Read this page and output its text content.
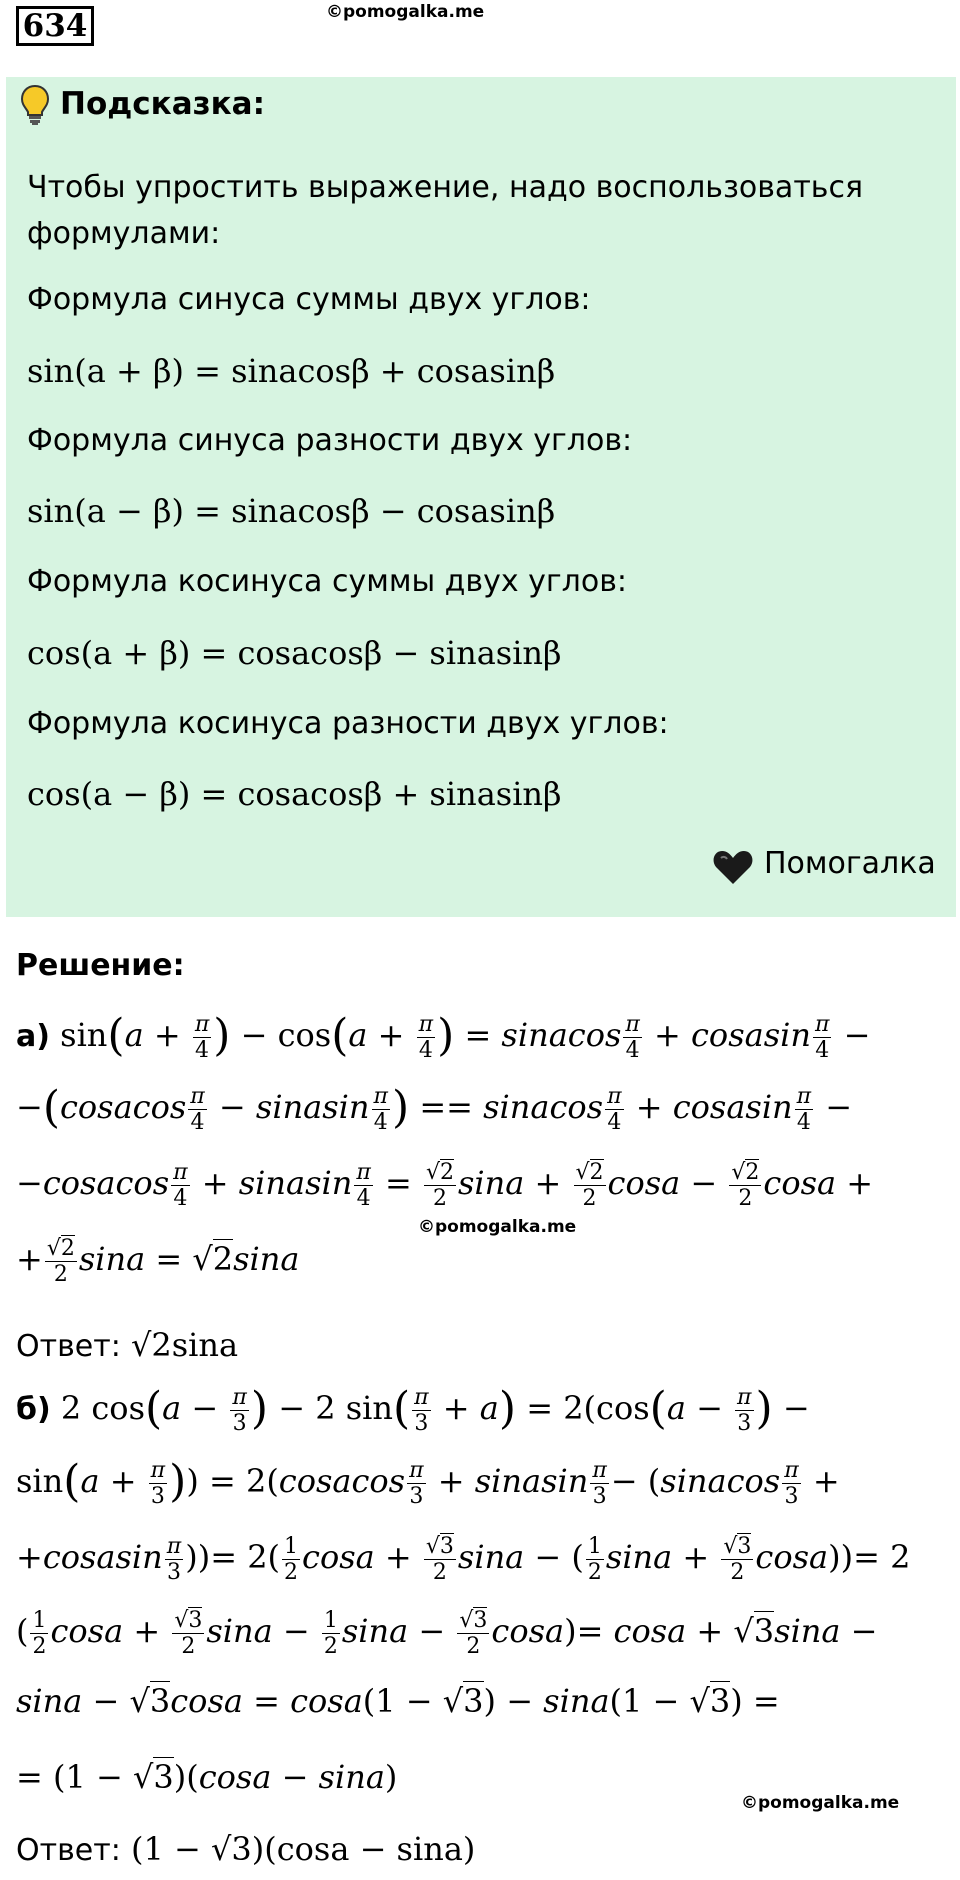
634	©pomogalka.me
Подсказка:
Чтобы упростить выражение, надо воспользоваться
формулами:
Формула синуса суммы двух углов:
sin(a + β) = sinacosβ + cosasinβ
Формула синуса разности двух углов:
sin(a − β) = sinacosβ − cosasinβ
Формула косинуса суммы двух углов:
cos(a + β) = cosacosβ − sinasinβ
Формула косинуса разности двух углов:
cos(a − β) = cosacosβ + sinasinβ
Помогалка
Решение:
а) $\sin(a + \frac{\pi}{4}$ ) − $\cos(a + \frac{\pi}{4}$ ) = sinacos $\frac{\pi}{4}$ + cosasin $\frac{\pi}{4}$ −
−(cosacos $\frac{\pi}{4}$ − sinasin $\frac{\pi}{4}$ ) == sinacos $\frac{\pi}{4}$ + cosasin $\frac{\pi}{4}$ −
−cosacos $\frac{\pi}{4}$ + sinasin $\frac{\pi}{4} = \frac{√2}{2}$ $\sin a + \frac{√2}{2}$ $\cos a - \frac{√2}{2}$ cosa +
©pomogalka.me
+ $\frac{√2}{2}$ sina = √2sina
Ответ: √2sina
б) 2 $\cos(a - \frac{\pi}{3}$ ) − 2 $\sin( \frac{\pi}{3} + a) = 2(\cos(a - \frac{\pi}{3}$ ) −
$\sin(a + \frac{\pi}{3}$ )) = 2(cosacos $\frac{\pi}{3}$ + sinasin $\frac{\pi}{3}$ − (sinacos $\frac{\pi}{3}$ +
+cosasin $\frac{\pi}{3}$ ))= $2( \frac{1}{2}$ $\cos a + \frac{√3}{2}$ sina − ( $\frac{1}{2}$ $\sin a + \frac{√3}{2} \cos a))= 2$
( $\frac{1}{2}$ $\cos a + \frac{√3}{2}$ $\sin a - \frac{1}{2}$ $\sin a - \frac{√3}{2} \cos a)= \cos a + √3\sin a$ −
sina − √3cosa = cosa(1 − √3) − sina(1 − √3) =
= (1 − √3)(cosa − sina)
©pomogalka.me
Ответ: (1 − √3)(cosa − sina)
